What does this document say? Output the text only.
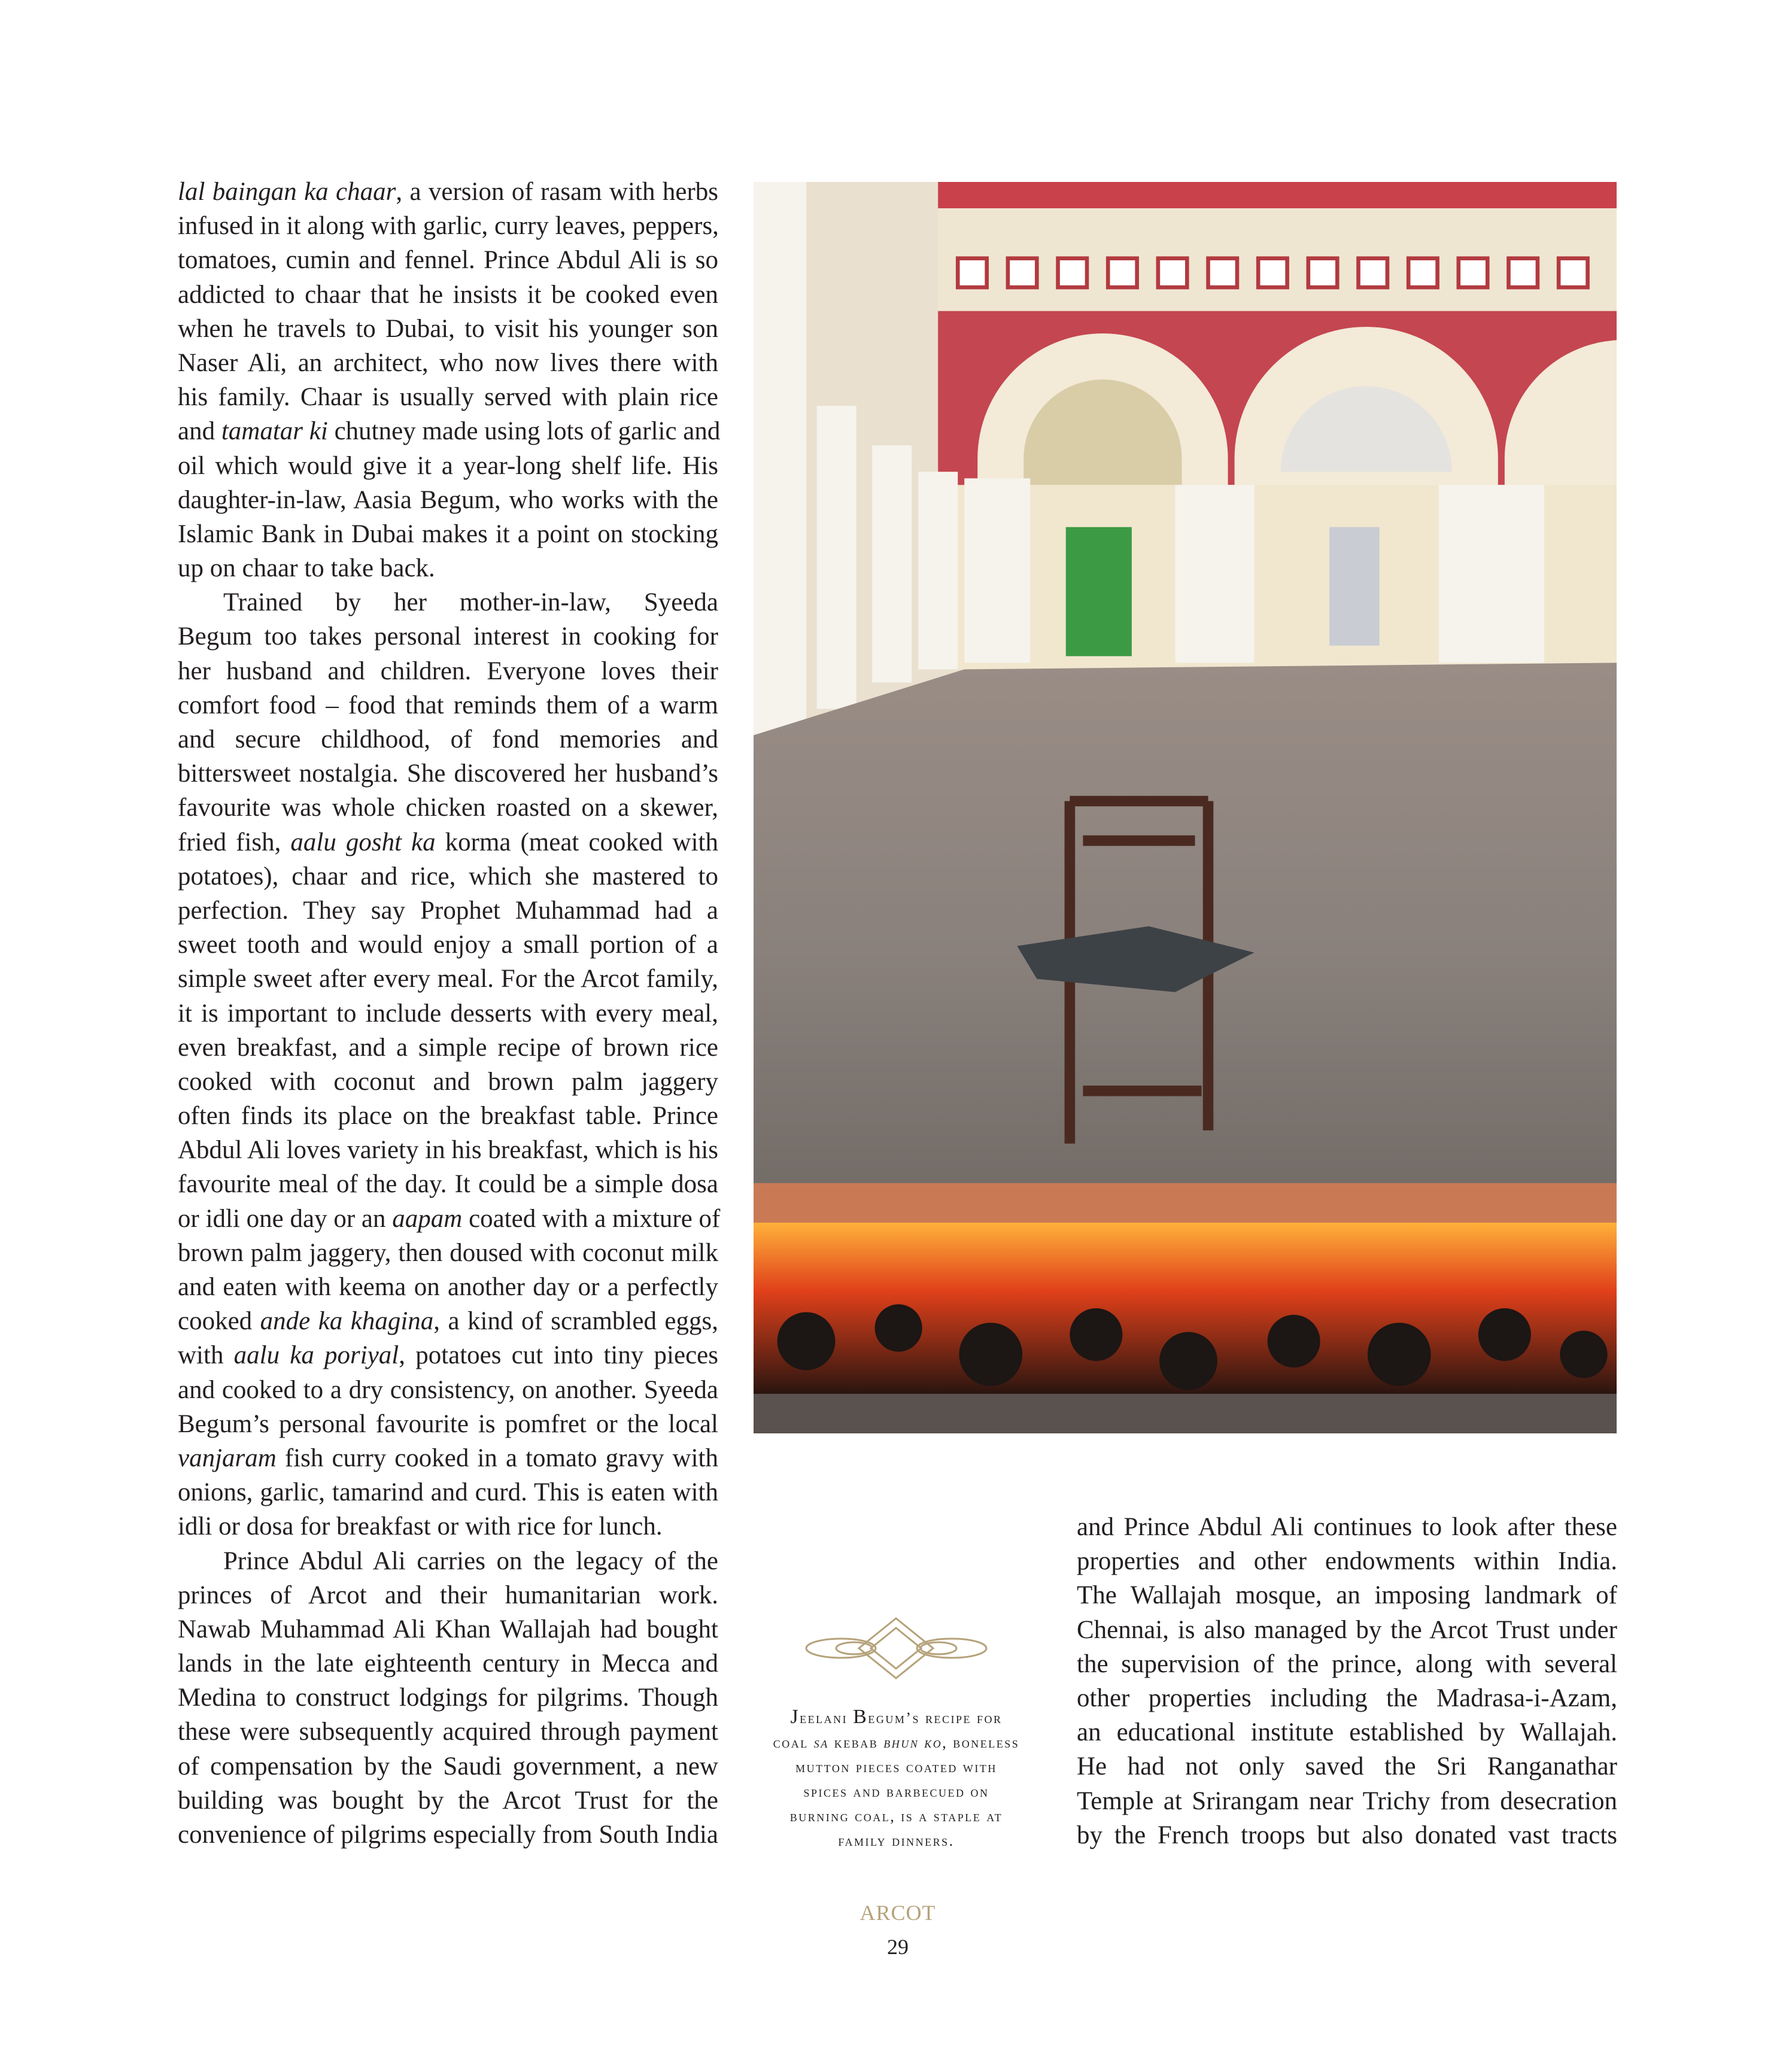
lal baingan ka chaar, a version of rasam with herbs
infused in it along with garlic, curry leaves, peppers,
tomatoes, cumin and fennel. Prince Abdul Ali is so
addicted to chaar that he insists it be cooked even
when he travels to Dubai, to visit his younger son
Naser Ali, an architect, who now lives there with
his family. Chaar is usually served with plain rice
and tamatar ki chutney made using lots of garlic and
oil which would give it a year-long shelf life. His
daughter-in-law, Aasia Begum, who works with the
Islamic Bank in Dubai makes it a point on stocking
up on chaar to take back.
Trained by her mother-in-law, Syeeda
Begum too takes personal interest in cooking for
her husband and children. Everyone loves their
comfort food – food that reminds them of a warm
and secure childhood, of fond memories and
bittersweet nostalgia. She discovered her husband’s
favourite was whole chicken roasted on a skewer,
fried fish, aalu gosht ka korma (meat cooked with
potatoes), chaar and rice, which she mastered to
perfection. They say Prophet Muhammad had a
sweet tooth and would enjoy a small portion of a
simple sweet after every meal. For the Arcot family,
it is important to include desserts with every meal,
even breakfast, and a simple recipe of brown rice
cooked with coconut and brown palm jaggery
often finds its place on the breakfast table. Prince
Abdul Ali loves variety in his breakfast, which is his
favourite meal of the day. It could be a simple dosa
or idli one day or an aapam coated with a mixture of
brown palm jaggery, then doused with coconut milk
and eaten with keema on another day or a perfectly
cooked ande ka khagina, a kind of scrambled eggs,
with aalu ka poriyal, potatoes cut into tiny pieces
and cooked to a dry consistency, on another. Syeeda
Begum’s personal favourite is pomfret or the local
vanjaram fish curry cooked in a tomato gravy with
onions, garlic, tamarind and curd. This is eaten with
idli or dosa for breakfast or with rice for lunch.
Prince Abdul Ali carries on the legacy of the
princes of Arcot and their humanitarian work.
Nawab Muhammad Ali Khan Wallajah had bought
lands in the late eighteenth century in Mecca and
Medina to construct lodgings for pilgrims. Though
these were subsequently acquired through payment
of compensation by the Saudi government, a new
building was bought by the Arcot Trust for the
convenience of pilgrims especially from South India
Jeelani Begum’s recipe for
coal sa kebab bhun ko, boneless
mutton pieces coated with
spices and barbecued on
burning coal, is a staple at
family dinners.
and Prince Abdul Ali continues to look after these
properties and other endowments within India.
The Wallajah mosque, an imposing landmark of
Chennai, is also managed by the Arcot Trust under
the supervision of the prince, along with several
other properties including the Madrasa-i-Azam,
an educational institute established by Wallajah.
He had not only saved the Sri Ranganathar
Temple at Srirangam near Trichy from desecration
by the French troops but also donated vast tracts
ARCOT
29
